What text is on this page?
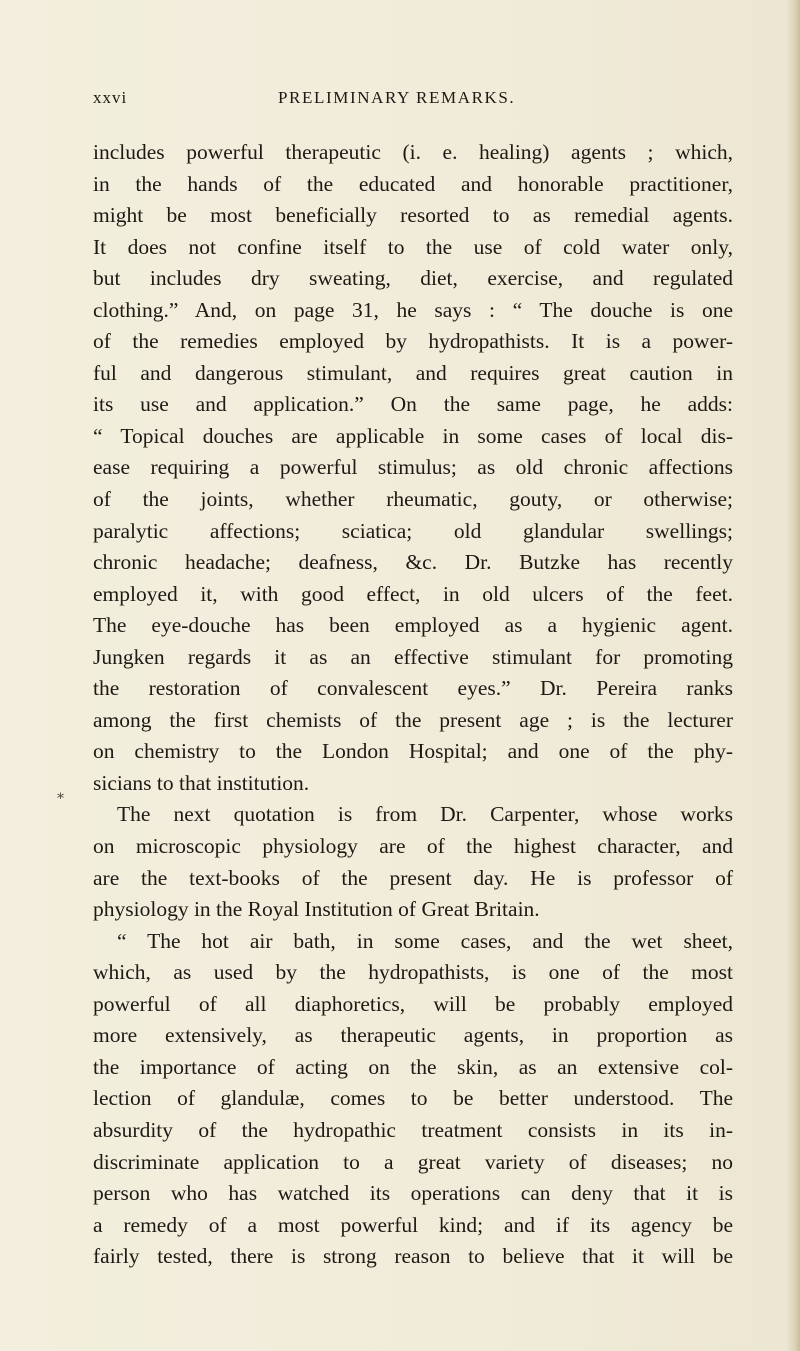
xxvi	PRELIMINARY REMARKS.
*
includes powerful therapeutic (i. e. healing) agents ; which,
in the hands of the educated and honorable practitioner,
might be most beneficially resorted to as remedial agents.
It does not confine itself to the use of cold water only,
but includes dry sweating, diet, exercise, and regulated
clothing.” And, on page 31, he says : “ The douche is one
of the remedies employed by hydropathists. It is a power-
ful and dangerous stimulant, and requires great caution in
its use and application.” On the same page, he adds:
“ Topical douches are applicable in some cases of local dis-
ease requiring a powerful stimulus; as old chronic affections
of the joints, whether rheumatic, gouty, or otherwise;
paralytic affections; sciatica; old glandular swellings;
chronic headache; deafness, &c. Dr. Butzke has recently
employed it, with good effect, in old ulcers of the feet.
The eye-douche has been employed as a hygienic agent.
Jungken regards it as an effective stimulant for promoting
the restoration of convalescent eyes.” Dr. Pereira ranks
among the first chemists of the present age ; is the lecturer
on chemistry to the London Hospital; and one of the phy-
sicians to that institution.
The next quotation is from Dr. Carpenter, whose works
on microscopic physiology are of the highest character, and
are the text-books of the present day. He is professor of
physiology in the Royal Institution of Great Britain.
“ The hot air bath, in some cases, and the wet sheet,
which, as used by the hydropathists, is one of the most
powerful of all diaphoretics, will be probably employed
more extensively, as therapeutic agents, in proportion as
the importance of acting on the skin, as an extensive col-
lection of glandulæ, comes to be better understood. The
absurdity of the hydropathic treatment consists in its in-
discriminate application to a great variety of diseases; no
person who has watched its operations can deny that it is
a remedy of a most powerful kind; and if its agency be
fairly tested, there is strong reason to believe that it will be
